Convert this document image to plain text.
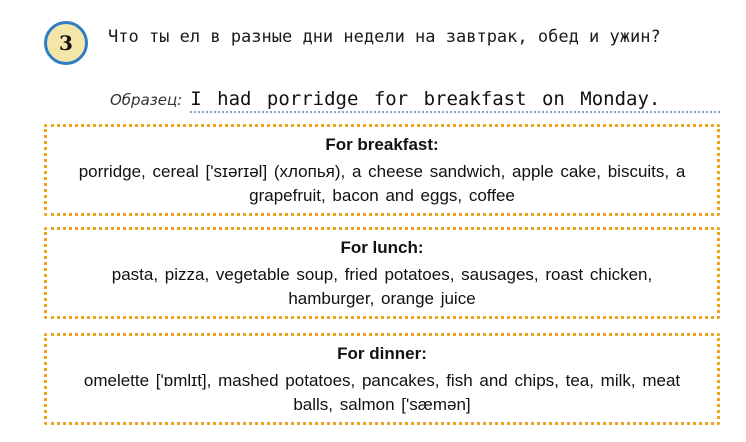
3 Что ты ел в разные дни недели на завтрак, обед и ужин?
Образец: I had porridge for breakfast on Monday.
For breakfast:
porridge, cereal ['sɪərɪəl] (хлопья), a cheese sandwich, apple cake, biscuits, a grapefruit, bacon and eggs, coffee
For lunch:
pasta, pizza, vegetable soup, fried potatoes, sausages, roast chicken, hamburger, orange juice
For dinner:
omelette ['ɒmlɪt], mashed potatoes, pancakes, fish and chips, tea, milk, meat balls, salmon ['sæmən]
